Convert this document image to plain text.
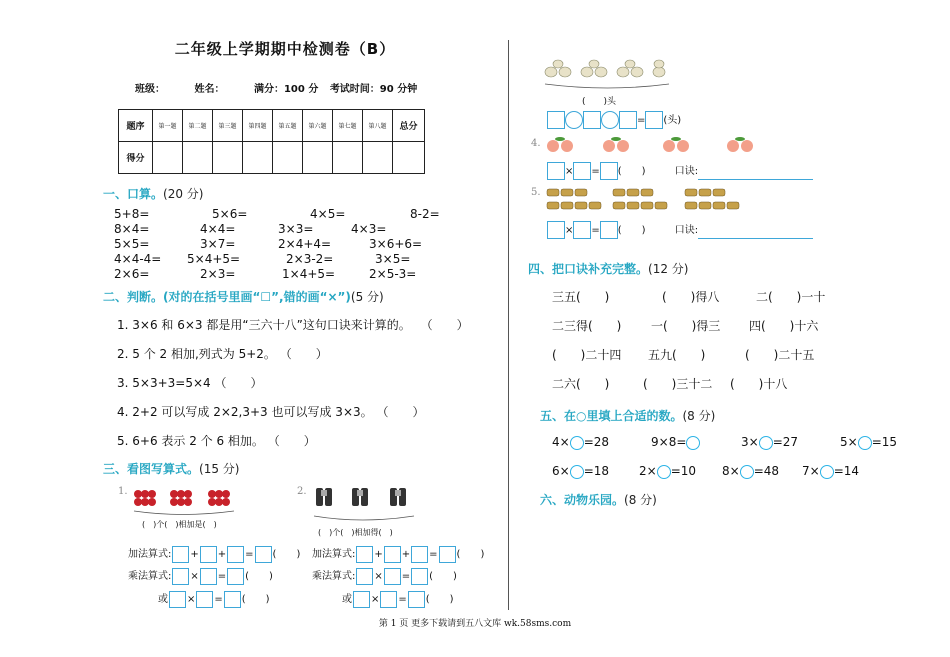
二年级上学期期中检测卷（B）
班级：	姓名：	满分：100 分 考试时间：90 分钟
题序	第一题	第二题	第三题	第四题	第五题	第六题	第七题	第八题	总分
得分									
一、口算。(20 分)
5+8=	5×6=	4×5=	8-2=
8×4=	4×4=	3×3=	4×3=
5×5=	3×7=	2×4+4=	3×6+6=
4×4-4= 5×4+5=	2×3-2=	3×5=
2×6=	2×3=	1×4+5=	2×5-3=
二、判断。(对的在括号里画“☐”,错的画“×”)(5 分)
1. 3×6 和 6×3 都是用“三六十八”这句口诀来计算的。　 （　　）
2. 5 个 2 相加,列式为 5+2。 （　　）
3. 5×3+3=5×4 （　　）
4. 2+2 可以写成 2×2,3+3 也可以写成 3×3。 （　　）
5. 6+6 表示 2 个 6 相加。 （　　）
三、看图写算式。(15 分)
1.
(　)个(　)相加是(　)
2.
(　)个(　)相加得(　)
加法算式: + + = (　　)
乘法算式: × = (　　)
或 × = (　　)
加法算式: + + = (　　)
乘法算式: × = (　　)
或 × = (　　)
(　　)头
= (头)
4.
× = (　　)	口诀:
5.
× = (　　)	口诀:
四、把口诀补充完整。(12 分)
三五(　　)	(　　)得八	二(　　)一十
二三得(　　) 一(　　)得三 四(　　)十六
(　　)二十四 五九(　　)	(　　)二十五
二六(　　)	(　　)三十二 (　　)十八
五、在○里填上合适的数。(8 分)
4× =28	9×8=	3× =27	5× =15
6× =18 2× =10 8× =48 7× =14
六、动物乐园。(8 分)
第 1 页 更多下载请到五八文库 wk.58sms.com
